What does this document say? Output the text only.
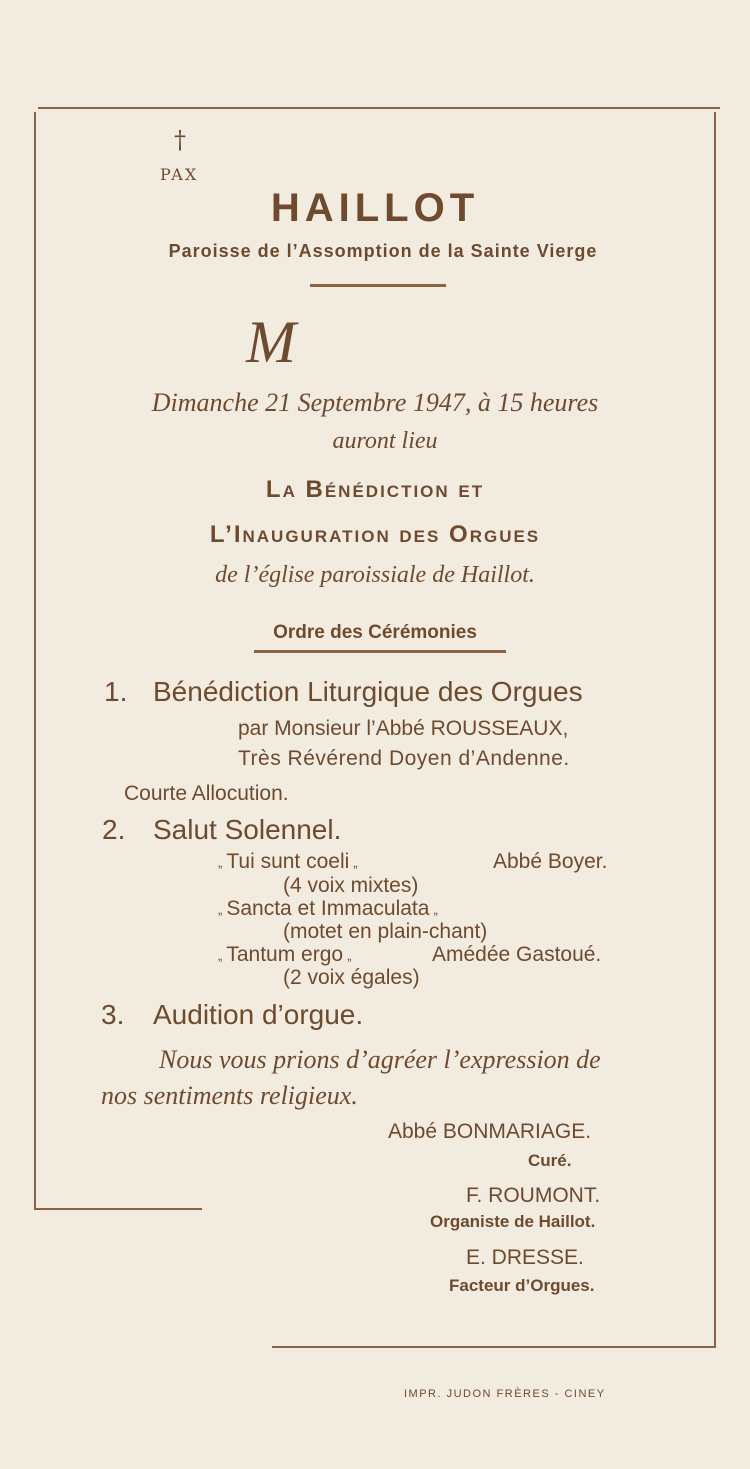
†
PAX
HAILLOT
Paroisse de l’Assomption de la Sainte Vierge
M
Dimanche 21 Septembre 1947, à 15 heures
auront lieu
La Bénédiction et
L’Inauguration des Orgues
de l’église paroissiale de Haillot.
Ordre des Cérémonies
1. Bénédiction Liturgique des Orgues
par Monsieur l’Abbé ROUSSEAUX,
Très Révérend Doyen d’Andenne.
Courte Allocution.
2. Salut Solennel.
„ Tui sunt coeli „	Abbé Boyer.
(4 voix mixtes)
„ Sancta et Immaculata „
(motet en plain-chant)
„ Tantum ergo „	Amédée Gastoué.
(2 voix égales)
3. Audition d’orgue.
Nous vous prions d’agréer l’expression de
nos sentiments religieux.
Abbé BONMARIAGE.
Curé.
F. ROUMONT.
Organiste de Haillot.
E. DRESSE.
Facteur d’Orgues.
IMPR. JUDON FRÈRES - CINEY
